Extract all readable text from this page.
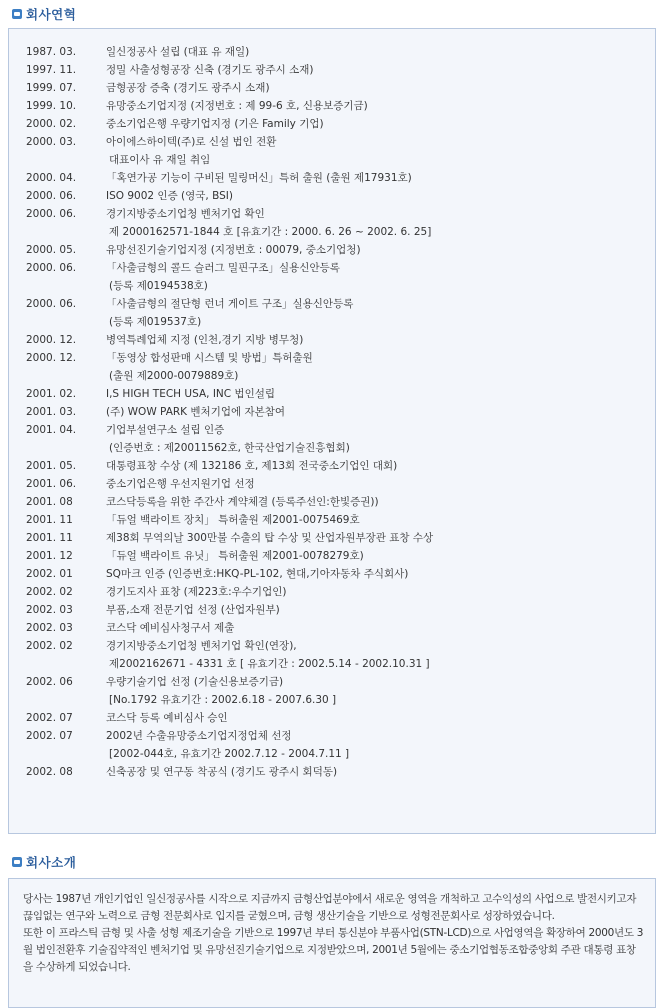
회사연혁
1987. 03.	일신정공사 설립 (대표 유 재일)
1997. 11.	정밀 사출성형공장 신축 (경기도 광주시 소재)
1999. 07.	금형공장 증축 (경기도 광주시 소재)
1999. 10.	유망중소기업지정 (지정번호 : 제 99-6 호, 신용보증기금)
2000. 02.	중소기업은행 우량기업지정 (기은 Family 기업)
2000. 03.	아이에스하이텍(주)로 신설 법인 전환
대표이사 유 재일 취임
2000. 04.	「혹연가공 기능이 구비된 밀링머신」특허 출원 (출원 제17931호)
2000. 06.	ISO 9002 인증 (영국, BSI)
2000. 06.	경기지방중소기업청 벤처기업 확인
제 2000162571-1844 호 [유효기간 : 2000. 6. 26 ~ 2002. 6. 25]
2000. 05.	유망선진기술기업지정 (지정번호 : 00079, 중소기업청)
2000. 06.	「사출금형의 콜드 슬러그 밀핀구조」실용신안등록
(등록 제0194538호)
2000. 06.	「사출금형의 절단형 런너 게이트 구조」실용신안등록
(등록 제019537호)
2000. 12.	병역특례업체 지정 (인천,경기 지방 병무청)
2000. 12.	「동영상 합성판매 시스템 및 방법」특허출원
(출원 제2000-0079889호)
2001. 02.	I,S HIGH TECH USA, INC 법인설립
2001. 03.	(주) WOW PARK 벤처기업에 자본참여
2001. 04.	기업부설연구소 설립 인증
(인증번호 : 제20011562호, 한국산업기술진흥협회)
2001. 05.	대통령표창 수상 (제 132186 호, 제13회 전국중소기업인 대회)
2001. 06.	중소기업은행 우선지원기업 선정
2001. 08	코스닥등록을 위한 주간사 계약체결 (등록주선인:한빛증권))
2001. 11	「듀얼 백라이트 장치」 특허출원 제2001-0075469호
2001. 11	제38회 무역의날 300만불 수출의 탑 수상 및 산업자원부장관 표창 수상
2001. 12	「듀얼 백라이트 유닛」 특허출원 제2001-0078279호)
2002. 01	SQ마크 인증 (인증번호:HKQ-PL-102, 현대,기아자동차 주식회사)
2002. 02	경기도지사 표창 (제223호:우수기업인)
2002. 03	부품,소재 전문기업 선정 (산업자원부)
2002. 03	코스닥 예비심사청구서 제출
2002. 02	경기지방중소기업청 벤처기업 확인(연장),
제2002162671 - 4331 호 [ 유효기간 : 2002.5.14 - 2002.10.31 ]
2002. 06	우량기술기업 선정 (기술신용보증기금)
[No.1792 유효기간 : 2002.6.18 - 2007.6.30 ]
2002. 07	코스닥 등록 예비심사 승인
2002. 07	2002년 수출유망중소기업지정업체 선정
[2002-044호, 유효기간 2002.7.12 - 2004.7.11 ]
2002. 08	신축공장 및 연구동 착공식 (경기도 광주시 회덕동)
회사소개

당사는 1987년 개인기업인 일신정공사를 시작으로 지금까지 금형산업분야에서 새로운 영역을 개척하고 고수익성의 사업으로 발전시키고자 끊임없는 연구와 노력으로 금형 전문회사로 입지를 굳혔으며, 금형 생산기술을 기반으로 성형전문회사로 성장하였습니다.

또한 이 프라스틱 금형 및 사출 성형 제조기술을 기반으로 1997년 부터 통신분야 부품사업(STN-LCD)으로 사업영역을 확장하여 2000년도 3월 법인전환후 기술집약적인 벤처기업 및 유망선진기술기업으로 지정받았으며, 2001년 5월에는 중소기업협동조합중앙회 주관 대통령 표창을 수상하게 되었습니다.
